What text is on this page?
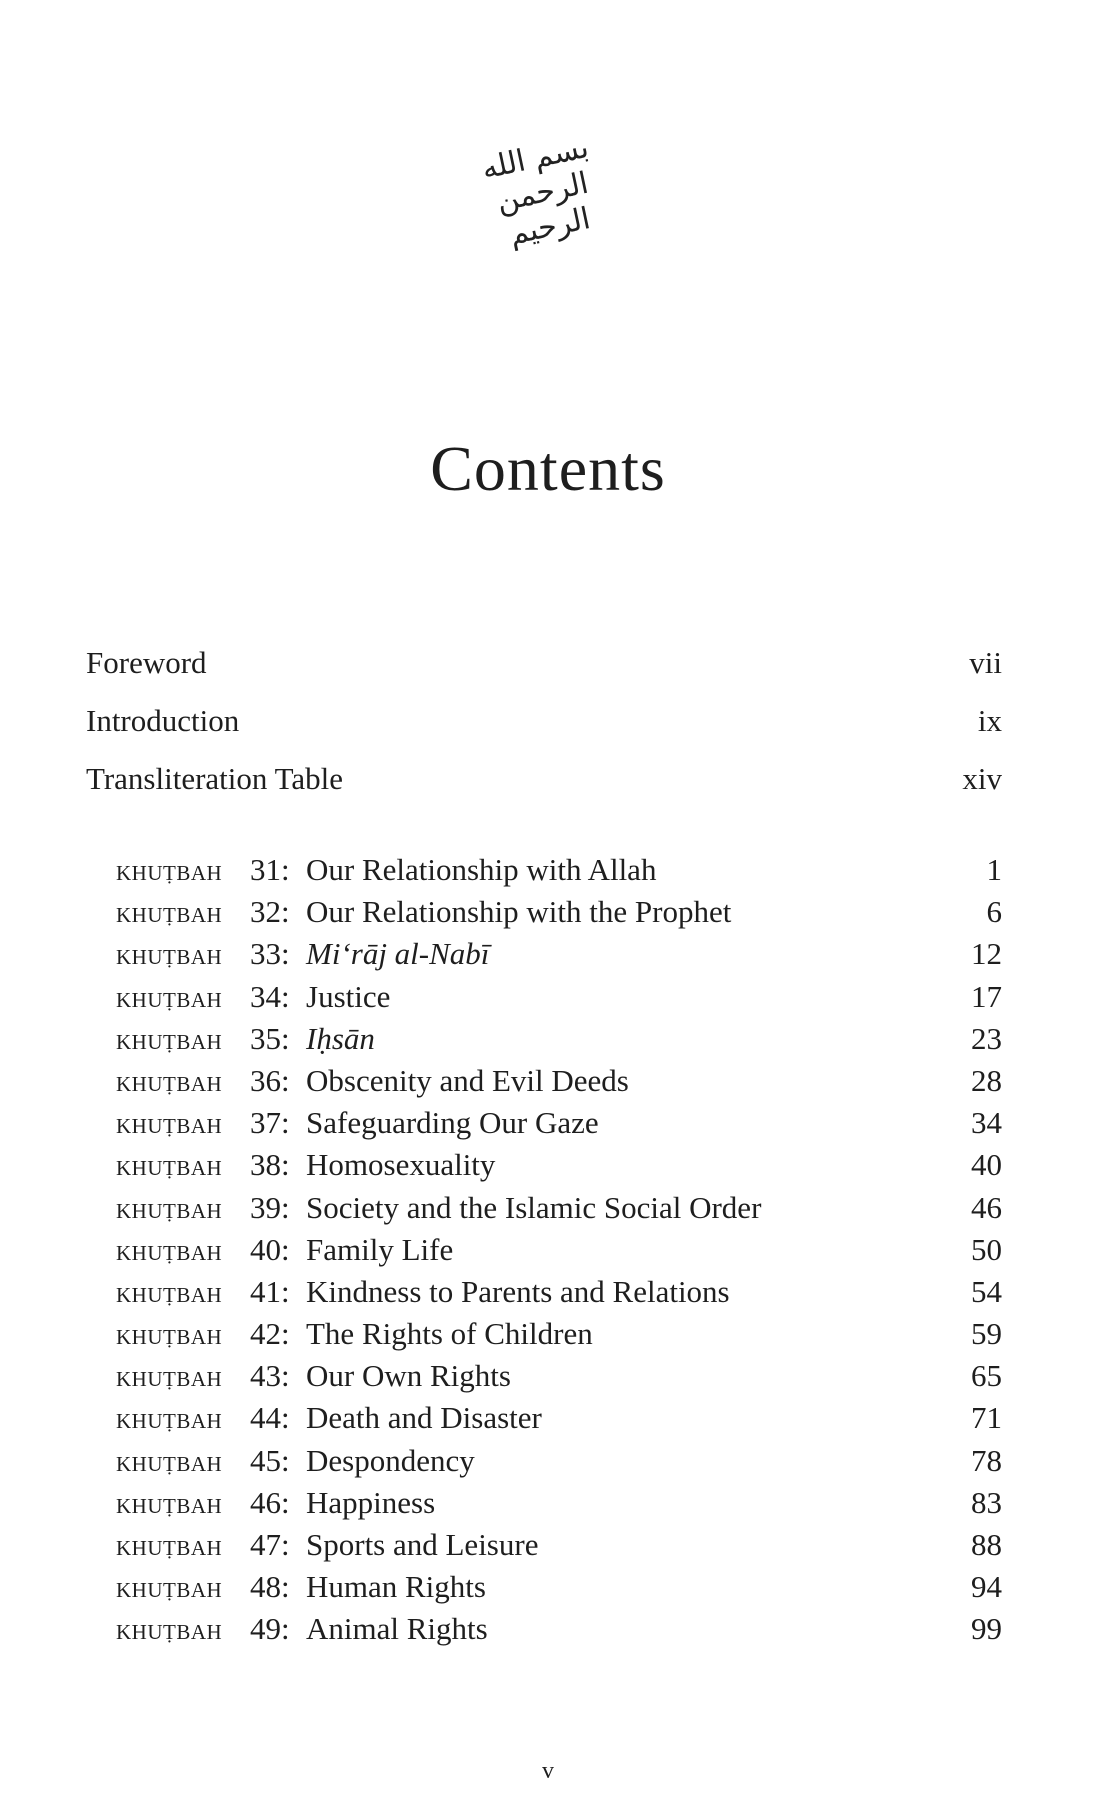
بسم الله الرحمن الرحيم
Contents
Foreword	vii
Introduction	ix
Transliteration Table	xiv
KHUṬBAH 31: Our Relationship with Allah	1
KHUṬBAH 32: Our Relationship with the Prophet	6
KHUṬBAH 33: Mi‘rāj al-Nabī	12
KHUṬBAH 34: Justice	17
KHUṬBAH 35: Iḥsān	23
KHUṬBAH 36: Obscenity and Evil Deeds	28
KHUṬBAH 37: Safeguarding Our Gaze	34
KHUṬBAH 38: Homosexuality	40
KHUṬBAH 39: Society and the Islamic Social Order	46
KHUṬBAH 40: Family Life	50
KHUṬBAH 41: Kindness to Parents and Relations	54
KHUṬBAH 42: The Rights of Children	59
KHUṬBAH 43: Our Own Rights	65
KHUṬBAH 44: Death and Disaster	71
KHUṬBAH 45: Despondency	78
KHUṬBAH 46: Happiness	83
KHUṬBAH 47: Sports and Leisure	88
KHUṬBAH 48: Human Rights	94
KHUṬBAH 49: Animal Rights	99
v
